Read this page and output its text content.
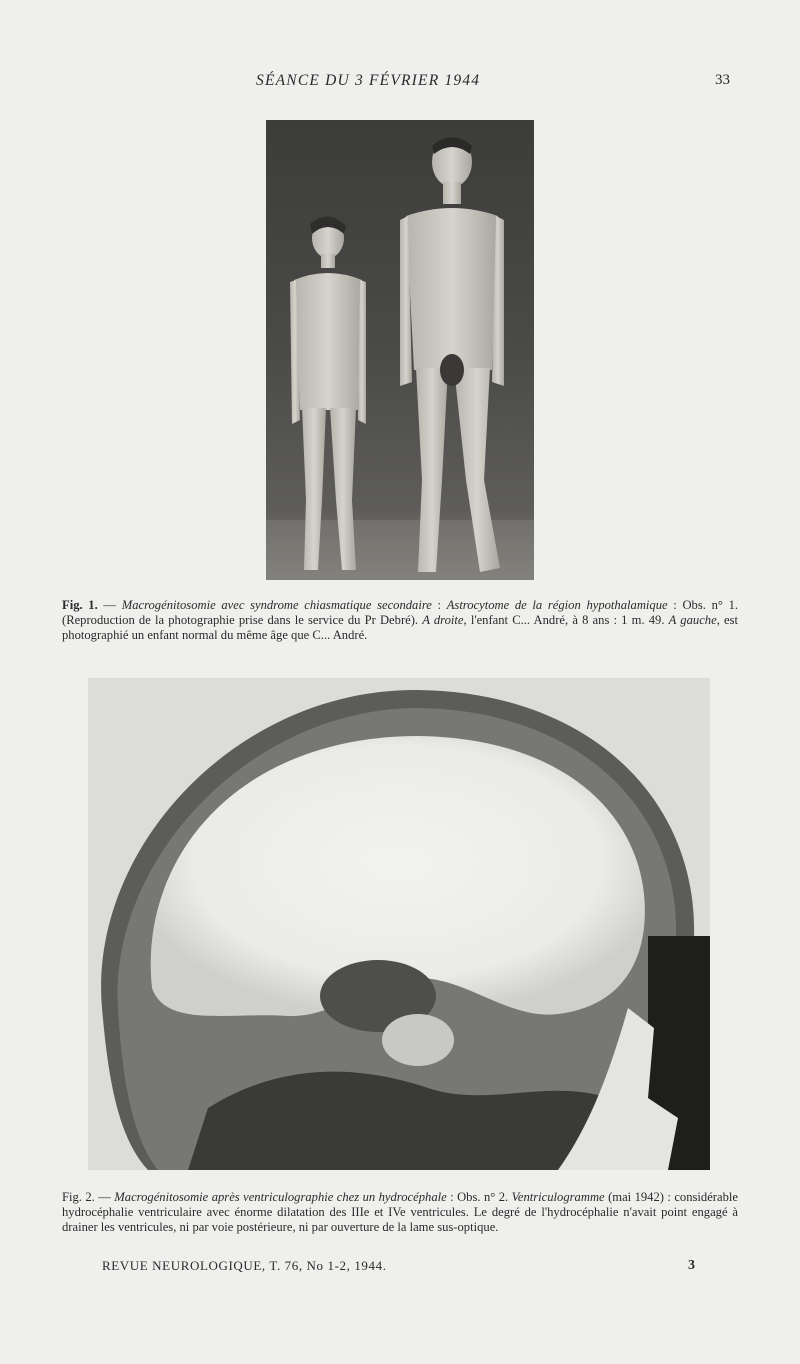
SÉANCE DU 3 FÉVRIER 1944	33
Fig. 1. — Macrogénitosomie avec syndrome chiasmatique secondaire : Astrocytome de la région hypothalamique : Obs. n° 1. (Reproduction de la photographie prise dans le service du Pr Debré). A droite, l'enfant C... André, à 8 ans : 1 m. 49. A gauche, est photographié un enfant normal du même âge que C... André.
Fig. 2. — Macrogénitosomie après ventriculographie chez un hydrocéphale : Obs. n° 2. Ventriculogramme (mai 1942) : considérable hydrocéphalie ventriculaire avec énorme dilatation des IIIe et IVe ventricules. Le degré de l'hydrocéphalie n'avait point engagé à drainer les ventricules, ni par voie postérieure, ni par ouverture de la lame sus-optique.
REVUE NEUROLOGIQUE, T. 76, No 1-2, 1944.	3
